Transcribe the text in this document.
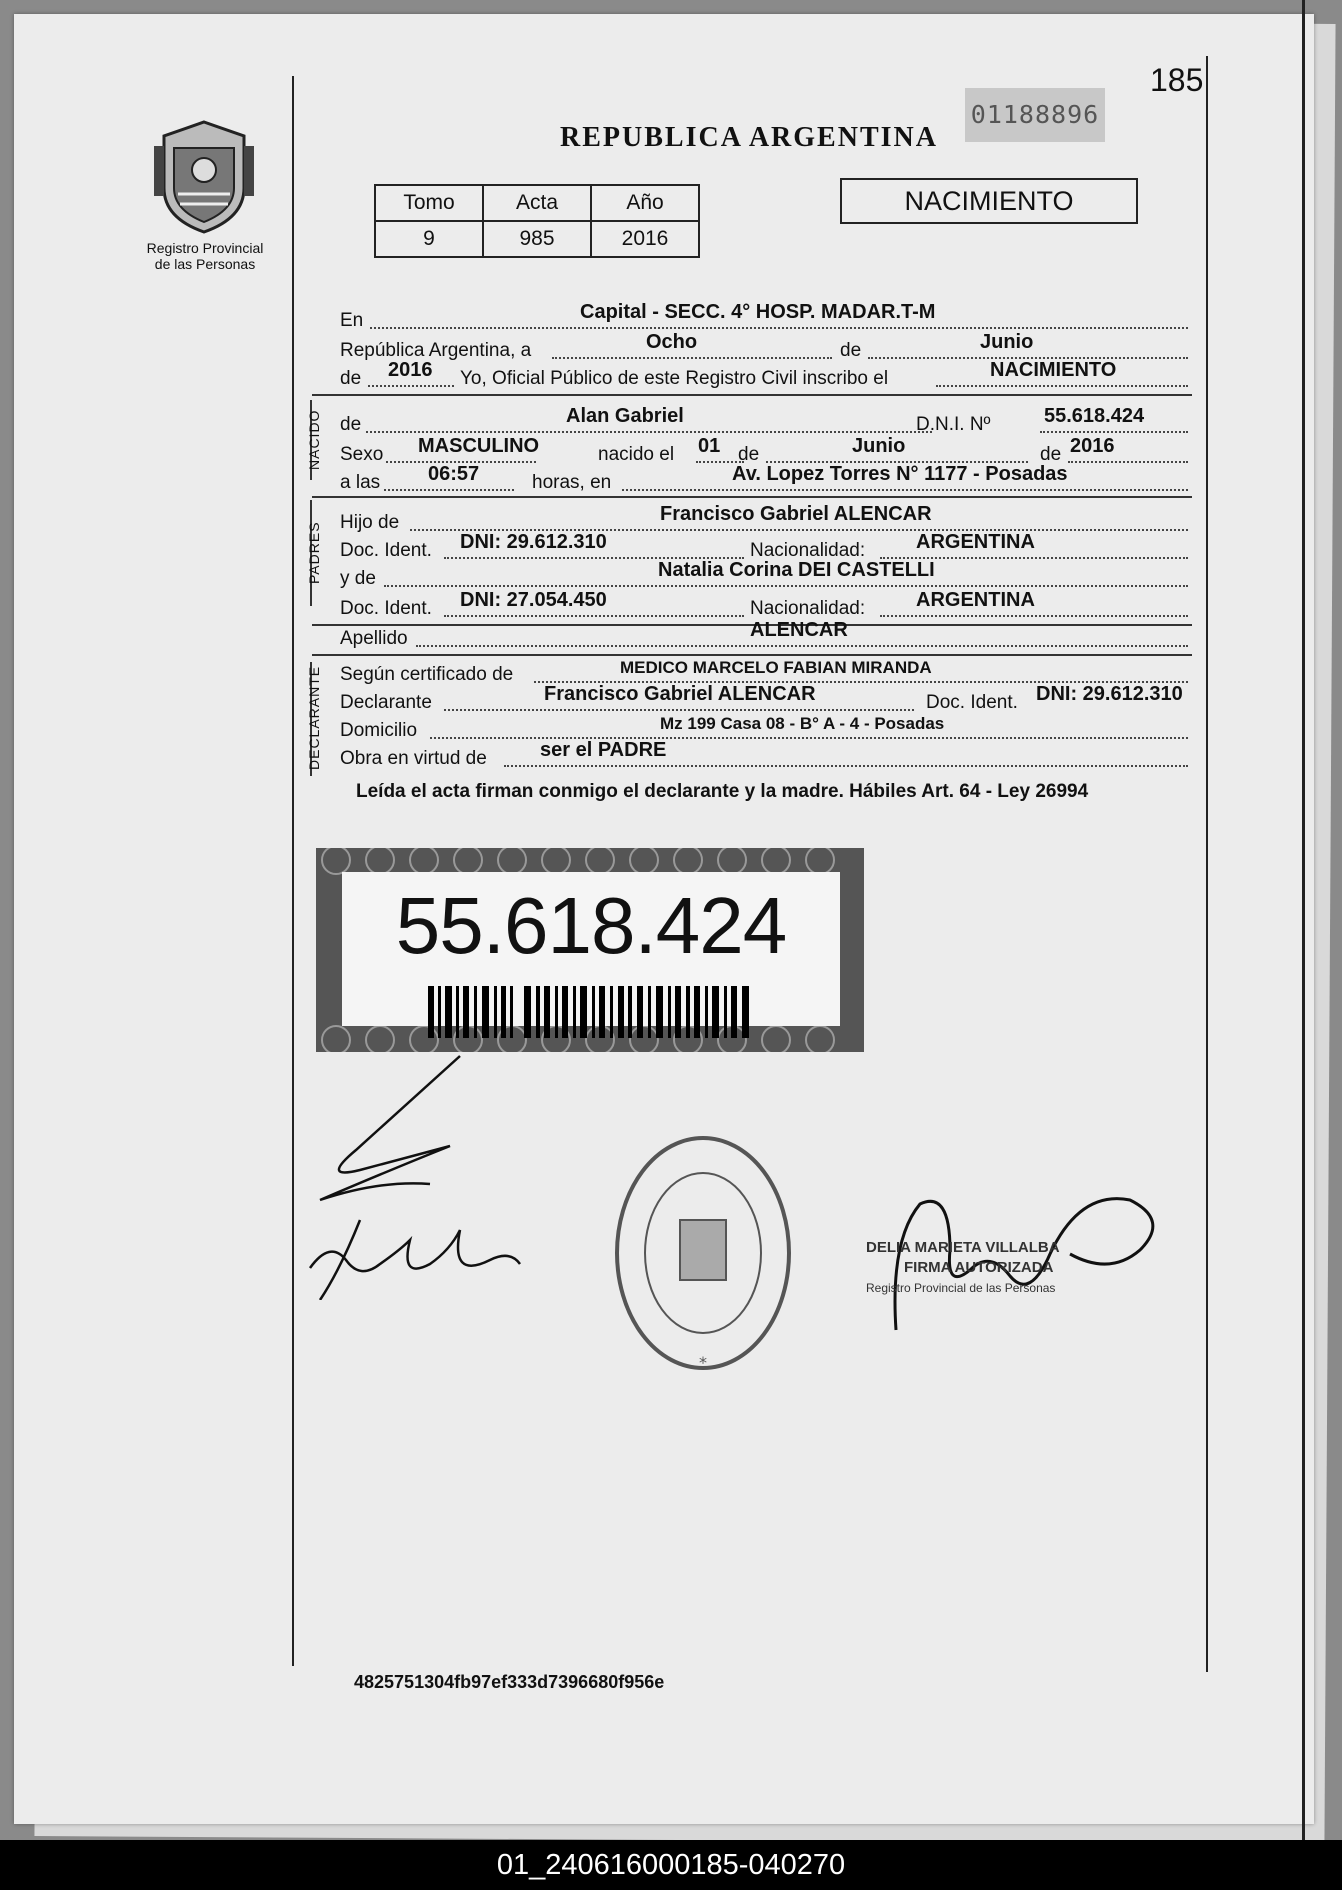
185
01188896
Registro Provincial de las Personas
REPUBLICA ARGENTINA
Tomo	Acta	Año
9	985	2016
NACIMIENTO
En	Capital - SECC. 4° HOSP. MADAR.T-M
República Argentina, a	Ocho	de	Junio
de 2016 Yo, Oficial Público de este Registro Civil inscribo el	NACIMIENTO
NACIDO de	Alan Gabriel	D.N.I. Nº	55.618.424
Sexo MASCULINO	nacido el 01 de	Junio	de 2016
a las 06:57	horas, en	Av. Lopez Torres N° 1177 - Posadas
PADRES Hijo de	Francisco Gabriel ALENCAR
Doc. Ident. DNI: 29.612.310	Nacionalidad:	ARGENTINA
y de	Natalia Corina DEI CASTELLI
Doc. Ident. DNI: 27.054.450	Nacionalidad:	ARGENTINA
Apellido	ALENCAR
DECLARANTE Según certificado de	MEDICO MARCELO FABIAN MIRANDA
Declarante	Francisco Gabriel ALENCAR	Doc. Ident. DNI: 29.612.310
Domicilio	Mz 199 Casa 08 - B° A - 4 - Posadas
Obra en virtud de	ser el PADRE
Leída el acta firman conmigo el declarante y la madre. Hábiles Art. 64 - Ley 26994
55.618.424
*
DELIA MARIETA VILLALBA
FIRMA AUTORIZADA
Registro Provincial de las Personas
4825751304fb97ef333d7396680f956e
01_240616000185-040270
